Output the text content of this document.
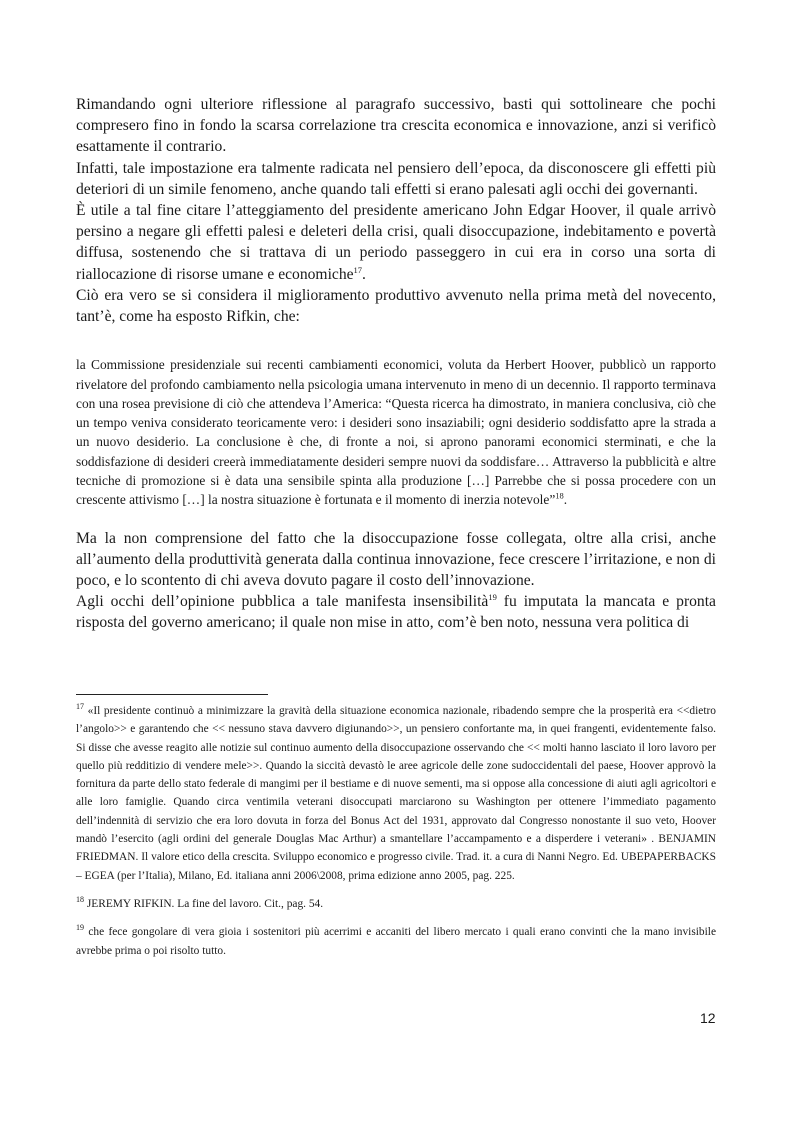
Rimandando ogni ulteriore riflessione al paragrafo successivo, basti qui sottolineare che pochi compresero fino in fondo la scarsa correlazione tra crescita economica e innovazione, anzi si verificò esattamente il contrario.

Infatti, tale impostazione era talmente radicata nel pensiero dell’epoca, da disconoscere gli effetti più deteriori di un simile fenomeno, anche quando tali effetti si erano palesati agli occhi dei governanti.

È utile a tal fine citare l’atteggiamento del presidente americano John Edgar Hoover, il quale arrivò persino a negare gli effetti palesi e deleteri della crisi, quali disoccupazione, indebitamento e povertà diffusa, sostenendo che si trattava di un periodo passeggero in cui era in corso una sorta di riallocazione di risorse umane e economiche$^{17}$.

Ciò era vero se si considera il miglioramento produttivo avvenuto nella prima metà del novecento, tant’è, come ha esposto Rifkin, che:

la Commissione presidenziale sui recenti cambiamenti economici, voluta da Herbert Hoover, pubblicò un rapporto rivelatore del profondo cambiamento nella psicologia umana intervenuto in meno di un decennio. Il rapporto terminava con una rosea previsione di ciò che attendeva l’America: “Questa ricerca ha dimostrato, in maniera conclusiva, ciò che un tempo veniva considerato teoricamente vero: i desideri sono insaziabili; ogni desiderio soddisfatto apre la strada a un nuovo desiderio. La conclusione è che, di fronte a noi, si aprono panorami economici sterminati, e che la soddisfazione di desideri creerà immediatamente desideri sempre nuovi da soddisfare… Attraverso la pubblicità e altre tecniche di promozione si è data una sensibile spinta alla produzione […] Parrebbe che si possa procedere con un crescente attivismo […] la nostra situazione è fortunata e il momento di inerzia notevole”$^{18}$.

Ma la non comprensione del fatto che la disoccupazione fosse collegata, oltre alla crisi, anche all’aumento della produttività generata dalla continua innovazione, fece crescere l’irritazione, e non di poco, e lo scontento di chi aveva dovuto pagare il costo dell’innovazione.

Agli occhi dell’opinione pubblica a tale manifesta insensibilità$^{19}$ fu imputata la mancata e pronta risposta del governo americano; il quale non mise in atto, com’è ben noto, nessuna vera politica di

$^{17}$ «Il presidente continuò a minimizzare la gravità della situazione economica nazionale, ribadendo sempre che la prosperità era <<dietro l’angolo>> e garantendo che << nessuno stava davvero digiunando>>, un pensiero confortante ma, in quei frangenti, evidentemente falso. Si disse che avesse reagito alle notizie sul continuo aumento della disoccupazione osservando che << molti hanno lasciato il loro lavoro per quello più redditizio di vendere mele>>. Quando la siccità devastò le aree agricole delle zone sudoccidentali del paese, Hoover approvò la fornitura da parte dello stato federale di mangimi per il bestiame e di nuove sementi, ma si oppose alla concessione di aiuti agli agricoltori e alle loro famiglie. Quando circa ventimila veterani disoccupati marciarono su Washington per ottenere l’immediato pagamento dell’indennità di servizio che era loro dovuta in forza del Bonus Act del 1931, approvato dal Congresso nonostante il suo veto, Hoover mandò l’esercito (agli ordini del generale Douglas Mac Arthur) a smantellare l’accampamento e a disperdere i veterani» . BENJAMIN FRIEDMAN. Il valore etico della crescita. Sviluppo economico e progresso civile. Trad. it. a cura di Nanni Negro. Ed. UBEPAPERBACKS – EGEA (per l’Italia), Milano, Ed. italiana anni 2006\2008, prima edizione anno 2005, pag. 225.

$^{18}$ JEREMY RIFKIN. La fine del lavoro. Cit., pag. 54.

$^{19}$ che fece gongolare di vera gioia i sostenitori più acerrimi e accaniti del libero mercato i quali erano convinti che la mano invisibile avrebbe prima o poi risolto tutto.

12
